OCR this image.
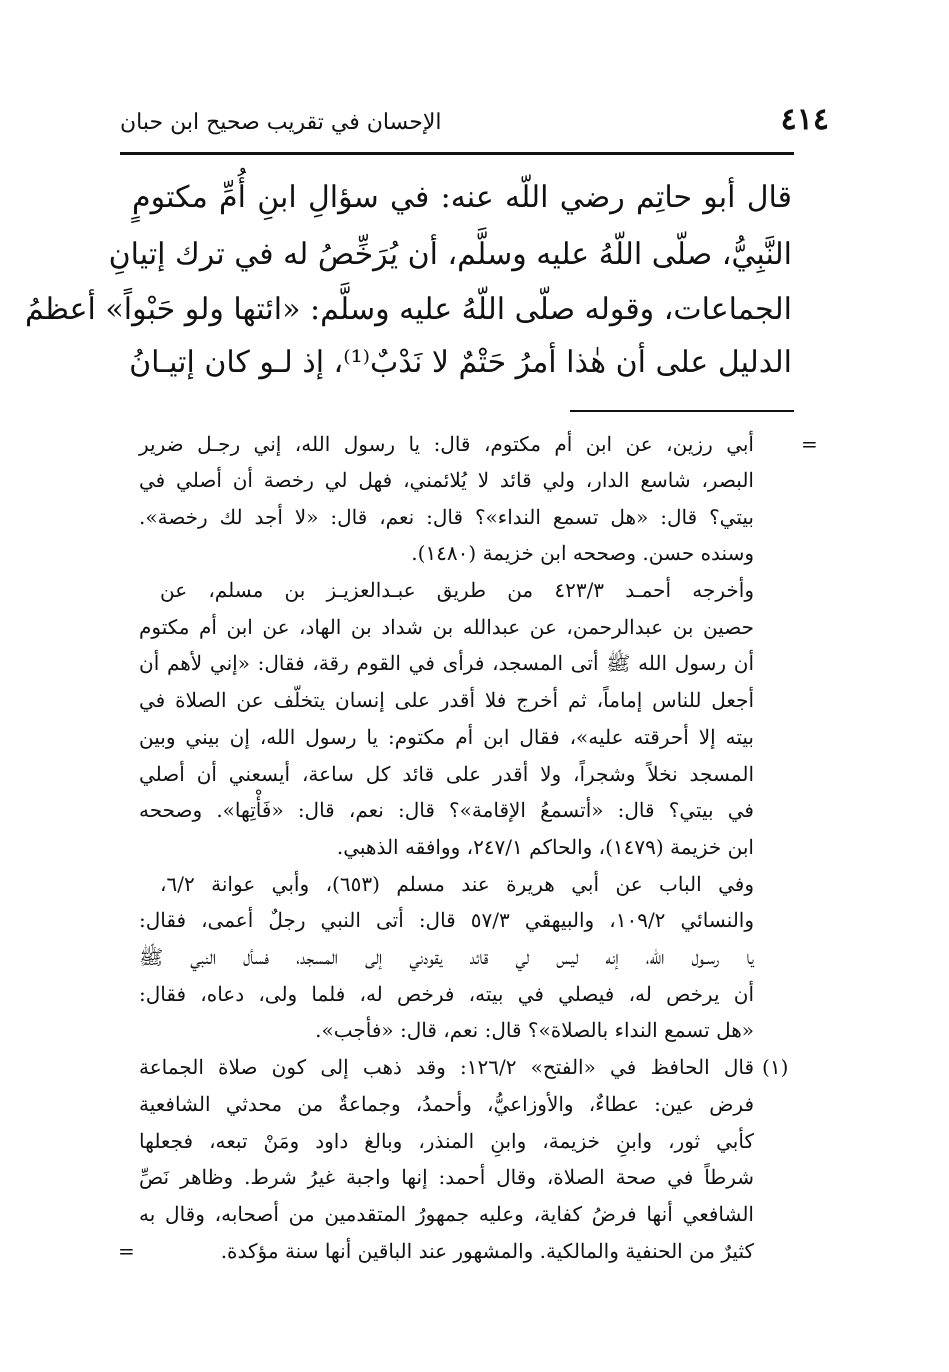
٤١٤
الإحسان في تقريب صحيح ابن حبان
قال أبو حاتِم رضي اللّه عنه: في سؤالِ ابنِ أُمِّ مكتومٍ
النَّبِيُّ، صلّى اللّهُ عليه وسلَّم، أن يُرَخِّصُ له في ترك إتيانِ
الجماعات، وقوله صلّى اللّهُ عليه وسلَّم: «ائتها ولو حَبْواً» أعظمُ
الدليل على أن هٰذا أمرُ حَتْمٌ لا نَدْبٌ⁽¹⁾، إذ لـو كان إتيـانُ
=
أبي رزين، عن ابن أم مكتوم، قال: يا رسول الله، إني رجـل ضرير
البصر، شاسع الدار، ولي قائد لا يُلائمني، فهل لي رخصة أن أصلي في
بيتي؟ قال: «هل تسمع النداء»؟ قال: نعم، قال: «لا أجد لك رخصة».
وسنده حسن. وصححه ابن خزيمة (١٤٨٠).
وأخرجه أحمـد ٤٢٣/٣ من طريق عبـدالعزيـز بن مسلم، عن
حصين بن عبدالرحمن، عن عبدالله بن شداد بن الهاد، عن ابن أم مكتوم
أن رسول الله ﷺ أتى المسجد، فرأى في القوم رقة، فقال: «إني لأهم أن
أجعل للناس إماماً، ثم أخرج فلا أقدر على إنسان يتخلّف عن الصلاة في
بيته إلا أحرقته عليه»، فقال ابن أم مكتوم: يا رسول الله، إن بيني وبين
المسجد نخلاً وشجراً، ولا أقدر على قائد كل ساعة، أيسعني أن أصلي
في بيتي؟ قال: «أتسمعُ الإقامة»؟ قال: نعم، قال: «فَأْتِها». وصححه
ابن خزيمة (١٤٧٩)، والحاكم ٢٤٧/١، ووافقه الذهبي.
وفي الباب عن أبي هريرة عند مسلم (٦٥٣)، وأبي عوانة ٦/٢،
والنسائي ١٠٩/٢، والبيهقي ٥٧/٣ قال: أتى النبي رجلٌ أعمى، فقال:
يا رسـول الله، إنه ليس لي قائد يقودني إلى المسجد، فسأل النبي ﷺ
أن يرخص له، فيصلي في بيته، فرخص له، فلما ولى، دعاه، فقال:
«هل تسمع النداء بالصلاة»؟ قال: نعم، قال: «فأجب».
(١)
قال الحافظ في «الفتح» ١٢٦/٢: وقد ذهب إلى كون صلاة الجماعة
فرض عين: عطاءٌ، والأوزاعيُّ، وأحمدُ، وجماعةٌ من محدثي الشافعية
كأبي ثور، وابنِ خزيمة، وابنِ المنذر، وبالغ داود ومَنْ تبعه، فجعلها
شرطاً في صحة الصلاة، وقال أحمد: إنها واجبة غيرُ شرط. وظاهر نَصِّ
الشافعي أنها فرضُ كفاية، وعليه جمهورُ المتقدمين من أصحابه، وقال به
كثيرٌ من الحنفية والمالكية. والمشهور عند الباقين أنها سنة مؤكدة.
=
